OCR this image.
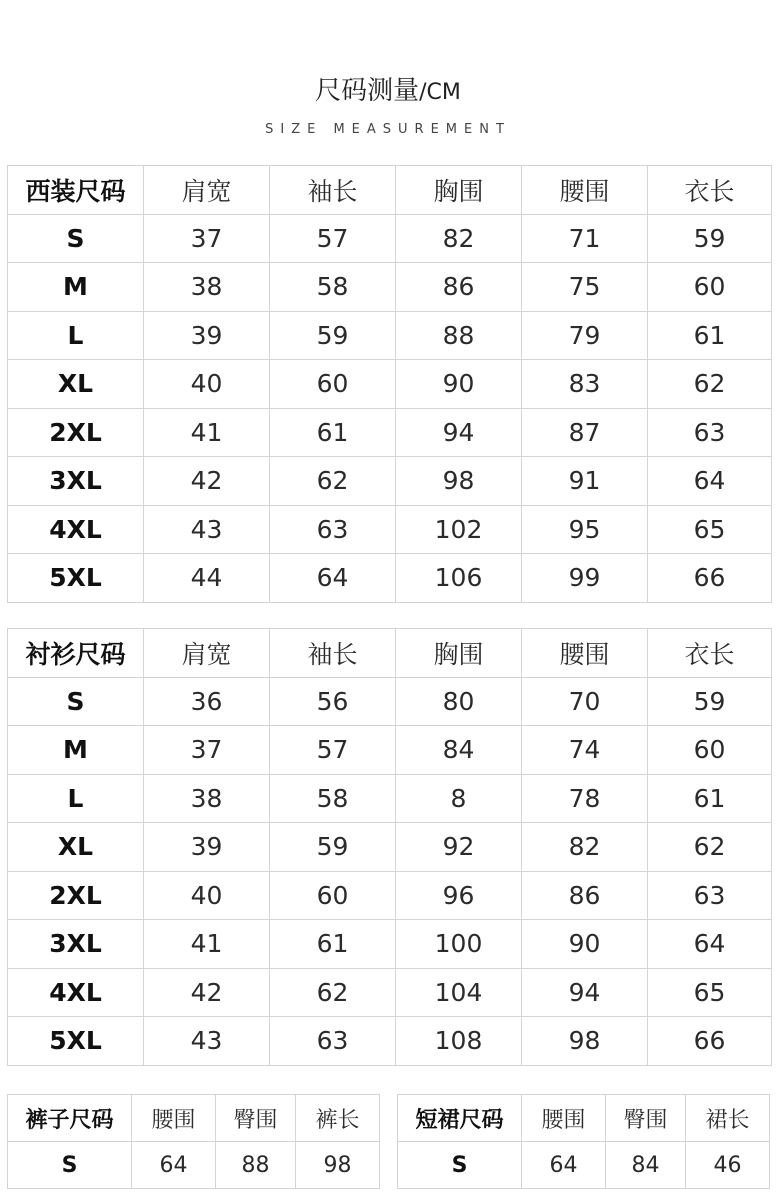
尺码测量/CM
SIZE MEASUREMENT
西装尺码	肩宽	袖长	胸围	腰围	衣长
S	37	57	82	71	59
M	38	58	86	75	60
L	39	59	88	79	61
XL	40	60	90	83	62
2XL	41	61	94	87	63
3XL	42	62	98	91	64
4XL	43	63	102	95	65
5XL	44	64	106	99	66
衬衫尺码	肩宽	袖长	胸围	腰围	衣长
S	36	56	80	70	59
M	37	57	84	74	60
L	38	58	8	78	61
XL	39	59	92	82	62
2XL	40	60	96	86	63
3XL	41	61	100	90	64
4XL	42	62	104	94	65
5XL	43	63	108	98	66
裤子尺码	腰围	臀围	裤长
S	64	88	98
短裙尺码	腰围	臀围	裙长
S	64	84	46
